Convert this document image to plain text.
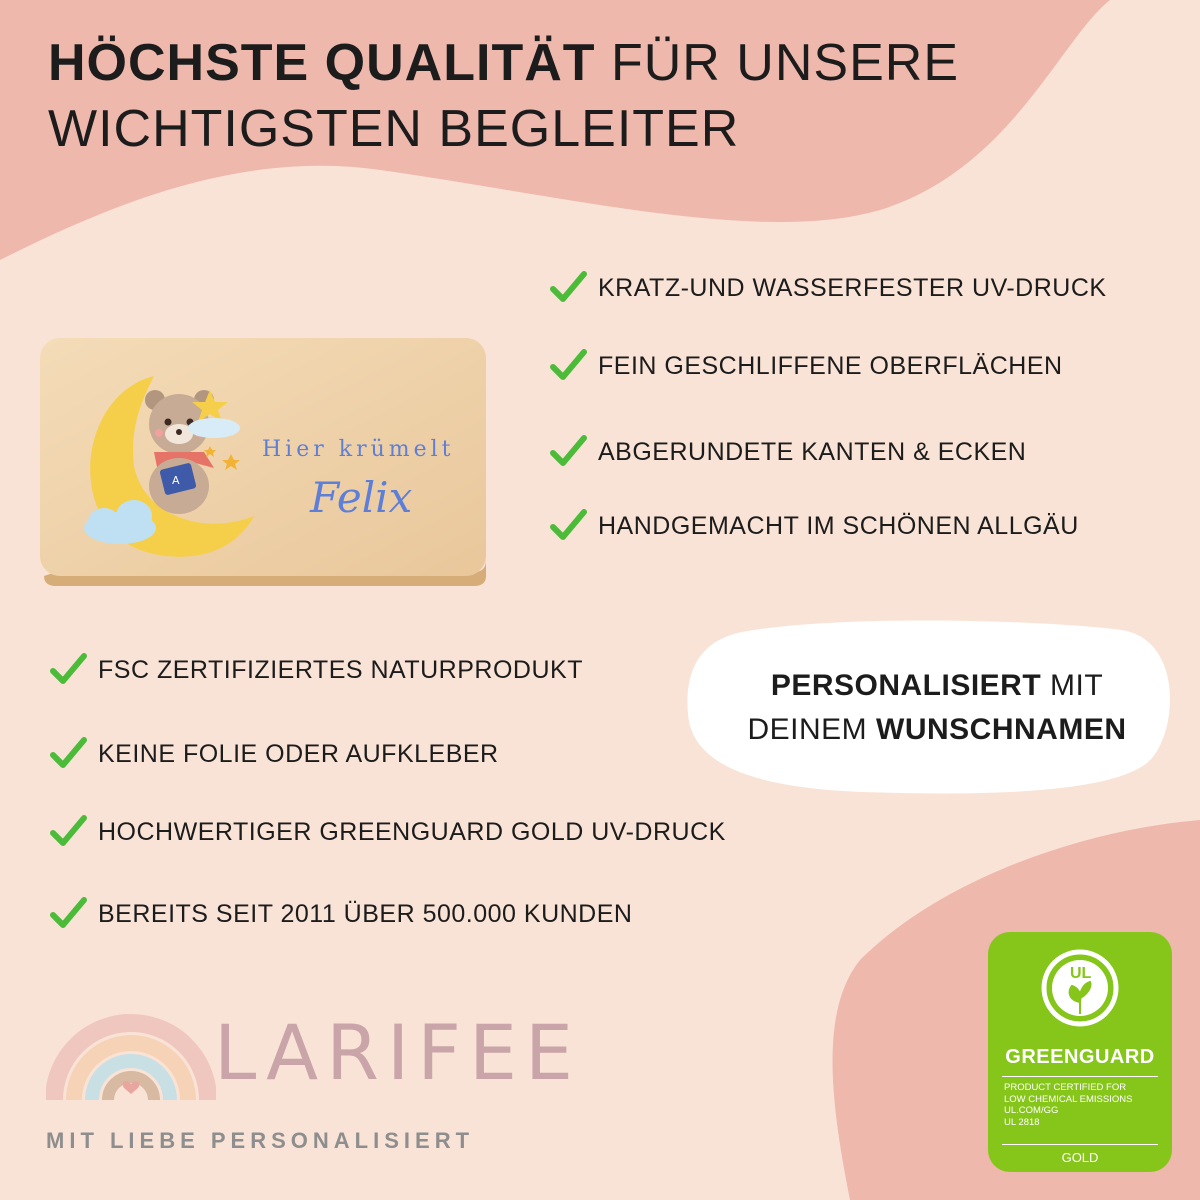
HÖCHSTE QUALITÄT FÜR UNSERE
WICHTIGSTEN BEGLEITER
KRATZ-UND WASSERFESTER UV-DRUCK
FEIN GESCHLIFFENE OBERFLÄCHEN
ABGERUNDETE KANTEN & ECKEN
HANDGEMACHT IM SCHÖNEN ALLGÄU
A
Hier krümelt
Felix
FSC ZERTIFIZIERTES NATURPRODUKT
KEINE FOLIE ODER AUFKLEBER
HOCHWERTIGER GREENGUARD GOLD UV-DRUCK
BEREITS SEIT 2011 ÜBER 500.000 KUNDEN
PERSONALISIERT MIT
DEINEM WUNSCHNAMEN
LARIFEE
MIT LIEBE PERSONALISIERT
UL
GREENGUARD
PRODUCT CERTIFIED FOR
LOW CHEMICAL EMISSIONS
UL.COM/GG
UL 2818
GOLD
